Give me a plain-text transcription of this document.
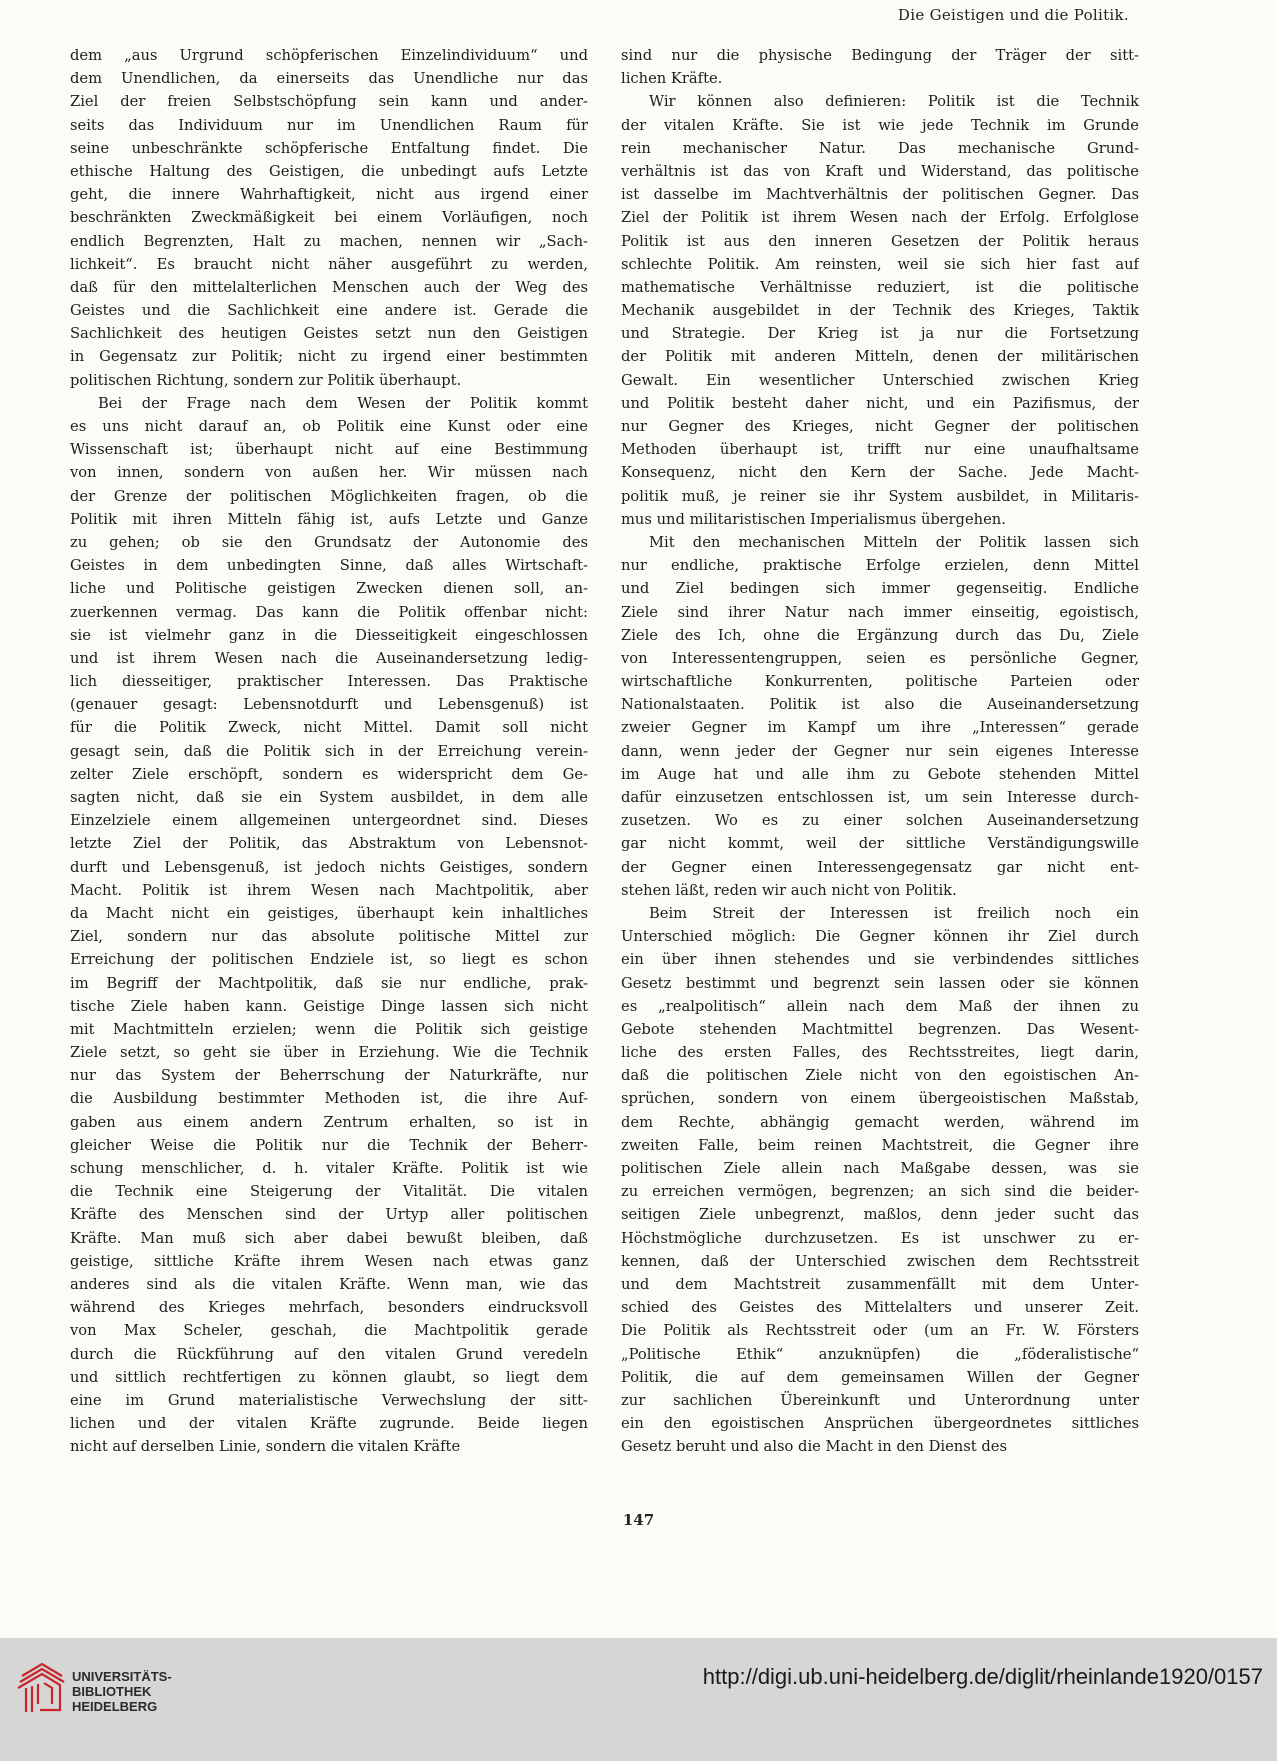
Die Geistigen und die Politik.
dem „aus Urgrund schöpferischen Einzelindividuum“ und
dem Unendlichen, da einerseits das Unendliche nur das
Ziel der freien Selbstschöpfung sein kann und ander-
seits das Individuum nur im Unendlichen Raum für
seine unbeschränkte schöpferische Entfaltung findet. Die
ethische Haltung des Geistigen, die unbedingt aufs Letzte
geht, die innere Wahrhaftigkeit, nicht aus irgend einer
beschränkten Zweckmäßigkeit bei einem Vorläufigen, noch
endlich Begrenzten, Halt zu machen, nennen wir „Sach-
lichkeit“. Es braucht nicht näher ausgeführt zu werden,
daß für den mittelalterlichen Menschen auch der Weg des
Geistes und die Sachlichkeit eine andere ist. Gerade die
Sachlichkeit des heutigen Geistes setzt nun den Geistigen
in Gegensatz zur Politik; nicht zu irgend einer bestimmten
politischen Richtung, sondern zur Politik überhaupt.
Bei der Frage nach dem Wesen der Politik kommt
es uns nicht darauf an, ob Politik eine Kunst oder eine
Wissenschaft ist; überhaupt nicht auf eine Bestimmung
von innen, sondern von außen her. Wir müssen nach
der Grenze der politischen Möglichkeiten fragen, ob die
Politik mit ihren Mitteln fähig ist, aufs Letzte und Ganze
zu gehen; ob sie den Grundsatz der Autonomie des
Geistes in dem unbedingten Sinne, daß alles Wirtschaft-
liche und Politische geistigen Zwecken dienen soll, an-
zuerkennen vermag. Das kann die Politik offenbar nicht:
sie ist vielmehr ganz in die Diesseitigkeit eingeschlossen
und ist ihrem Wesen nach die Auseinandersetzung ledig-
lich diesseitiger, praktischer Interessen. Das Praktische
(genauer gesagt: Lebensnotdurft und Lebensgenuß) ist
für die Politik Zweck, nicht Mittel. Damit soll nicht
gesagt sein, daß die Politik sich in der Erreichung verein-
zelter Ziele erschöpft, sondern es widerspricht dem Ge-
sagten nicht, daß sie ein System ausbildet, in dem alle
Einzelziele einem allgemeinen untergeordnet sind. Dieses
letzte Ziel der Politik, das Abstraktum von Lebensnot-
durft und Lebensgenuß, ist jedoch nichts Geistiges, sondern
Macht. Politik ist ihrem Wesen nach Machtpolitik, aber
da Macht nicht ein geistiges, überhaupt kein inhaltliches
Ziel, sondern nur das absolute politische Mittel zur
Erreichung der politischen Endziele ist, so liegt es schon
im Begriff der Machtpolitik, daß sie nur endliche, prak-
tische Ziele haben kann. Geistige Dinge lassen sich nicht
mit Machtmitteln erzielen; wenn die Politik sich geistige
Ziele setzt, so geht sie über in Erziehung. Wie die Technik
nur das System der Beherrschung der Naturkräfte, nur
die Ausbildung bestimmter Methoden ist, die ihre Auf-
gaben aus einem andern Zentrum erhalten, so ist in
gleicher Weise die Politik nur die Technik der Beherr-
schung menschlicher, d. h. vitaler Kräfte. Politik ist wie
die Technik eine Steigerung der Vitalität. Die vitalen
Kräfte des Menschen sind der Urtyp aller politischen
Kräfte. Man muß sich aber dabei bewußt bleiben, daß
geistige, sittliche Kräfte ihrem Wesen nach etwas ganz
anderes sind als die vitalen Kräfte. Wenn man, wie das
während des Krieges mehrfach, besonders eindrucksvoll
von Max Scheler, geschah, die Machtpolitik gerade
durch die Rückführung auf den vitalen Grund veredeln
und sittlich rechtfertigen zu können glaubt, so liegt dem
eine im Grund materialistische Verwechslung der sitt-
lichen und der vitalen Kräfte zugrunde. Beide liegen
nicht auf derselben Linie, sondern die vitalen Kräfte
sind nur die physische Bedingung der Träger der sitt-
lichen Kräfte.
Wir können also definieren: Politik ist die Technik
der vitalen Kräfte. Sie ist wie jede Technik im Grunde
rein mechanischer Natur. Das mechanische Grund-
verhältnis ist das von Kraft und Widerstand, das politische
ist dasselbe im Machtverhältnis der politischen Gegner. Das
Ziel der Politik ist ihrem Wesen nach der Erfolg. Erfolglose
Politik ist aus den inneren Gesetzen der Politik heraus
schlechte Politik. Am reinsten, weil sie sich hier fast auf
mathematische Verhältnisse reduziert, ist die politische
Mechanik ausgebildet in der Technik des Krieges, Taktik
und Strategie. Der Krieg ist ja nur die Fortsetzung
der Politik mit anderen Mitteln, denen der militärischen
Gewalt. Ein wesentlicher Unterschied zwischen Krieg
und Politik besteht daher nicht, und ein Pazifismus, der
nur Gegner des Krieges, nicht Gegner der politischen
Methoden überhaupt ist, trifft nur eine unaufhaltsame
Konsequenz, nicht den Kern der Sache. Jede Macht-
politik muß, je reiner sie ihr System ausbildet, in Militaris-
mus und militaristischen Imperialismus übergehen.
Mit den mechanischen Mitteln der Politik lassen sich
nur endliche, praktische Erfolge erzielen, denn Mittel
und Ziel bedingen sich immer gegenseitig. Endliche
Ziele sind ihrer Natur nach immer einseitig, egoistisch,
Ziele des Ich, ohne die Ergänzung durch das Du, Ziele
von Interessentengruppen, seien es persönliche Gegner,
wirtschaftliche Konkurrenten, politische Parteien oder
Nationalstaaten. Politik ist also die Auseinandersetzung
zweier Gegner im Kampf um ihre „Interessen“ gerade
dann, wenn jeder der Gegner nur sein eigenes Interesse
im Auge hat und alle ihm zu Gebote stehenden Mittel
dafür einzusetzen entschlossen ist, um sein Interesse durch-
zusetzen. Wo es zu einer solchen Auseinandersetzung
gar nicht kommt, weil der sittliche Verständigungswille
der Gegner einen Interessengegensatz gar nicht ent-
stehen läßt, reden wir auch nicht von Politik.
Beim Streit der Interessen ist freilich noch ein
Unterschied möglich: Die Gegner können ihr Ziel durch
ein über ihnen stehendes und sie verbindendes sittliches
Gesetz bestimmt und begrenzt sein lassen oder sie können
es „realpolitisch“ allein nach dem Maß der ihnen zu
Gebote stehenden Machtmittel begrenzen. Das Wesent-
liche des ersten Falles, des Rechtsstreites, liegt darin,
daß die politischen Ziele nicht von den egoistischen An-
sprüchen, sondern von einem übergeoistischen Maßstab,
dem Rechte, abhängig gemacht werden, während im
zweiten Falle, beim reinen Machtstreit, die Gegner ihre
politischen Ziele allein nach Maßgabe dessen, was sie
zu erreichen vermögen, begrenzen; an sich sind die beider-
seitigen Ziele unbegrenzt, maßlos, denn jeder sucht das
Höchstmögliche durchzusetzen. Es ist unschwer zu er-
kennen, daß der Unterschied zwischen dem Rechtsstreit
und dem Machtstreit zusammenfällt mit dem Unter-
schied des Geistes des Mittelalters und unserer Zeit.
Die Politik als Rechtsstreit oder (um an Fr. W. Försters
„Politische Ethik“ anzuknüpfen) die „föderalistische“
Politik, die auf dem gemeinsamen Willen der Gegner
zur sachlichen Übereinkunft und Unterordnung unter
ein den egoistischen Ansprüchen übergeordnetes sittliches
Gesetz beruht und also die Macht in den Dienst des
147
UNIVERSITÄTS-
BIBLIOTHEK
HEIDELBERG
http://digi.ub.uni-heidelberg.de/diglit/rheinlande1920/0157
